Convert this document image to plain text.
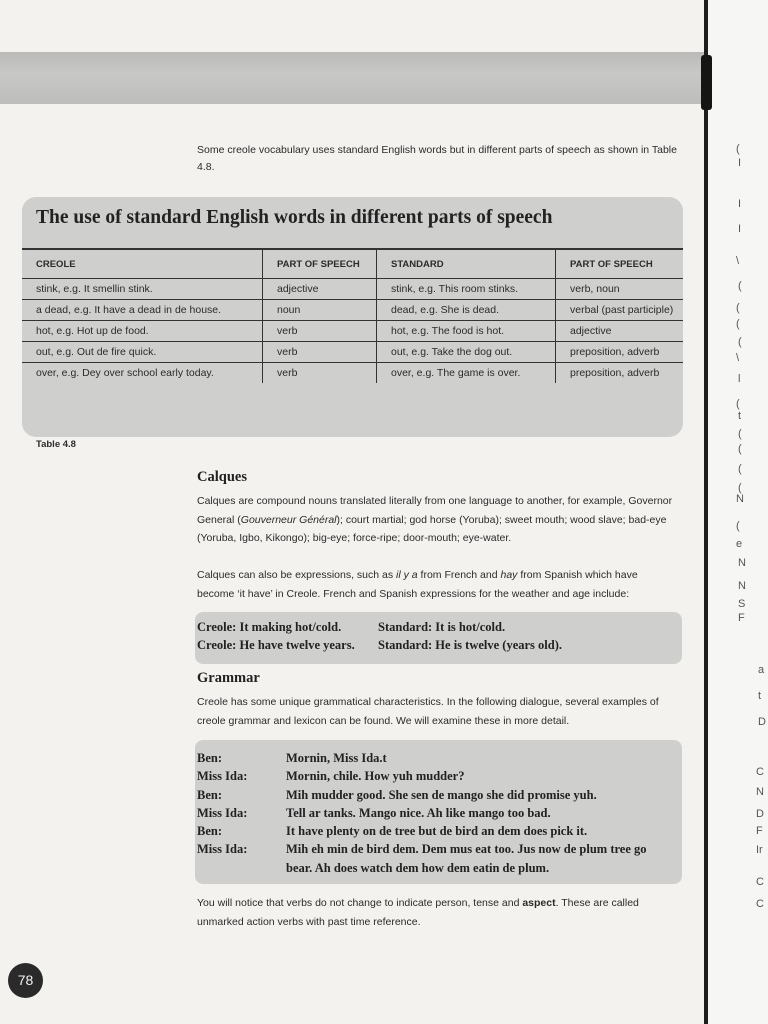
(
I
I
I
\
(
(
(
(
\
l
(
t
(
(
(
(
N
(
e
N
N
S
F
a
t
D
C
N
D
F
Ir
C
C
Some creole vocabulary uses standard English words but in different parts of speech as shown in Table 4.8.
The use of standard English words in different parts of speech
CREOLE	PART OF SPEECH	STANDARD	PART OF SPEECH
stink, e.g. It smellin stink.	adjective	stink, e.g. This room stinks.	verb, noun
a dead, e.g. It have a dead in de house.	noun	dead, e.g. She is dead.	verbal (past participle)
hot, e.g. Hot up de food.	verb	hot, e.g. The food is hot.	adjective
out, e.g. Out de fire quick.	verb	out, e.g. Take the dog out.	preposition, adverb
over, e.g. Dey over school early today.	verb	over, e.g. The game is over.	preposition, adverb
Table 4.8
Calques
Calques are compound nouns translated literally from one language to another, for example, Governor General (Gouverneur Général); court martial; god horse (Yoruba); sweet mouth; wood slave; bad-eye (Yoruba, Igbo, Kikongo); big-eye; force-ripe; door-mouth; eye-water.
Calques can also be expressions, such as il y a from French and hay from Spanish which have become ‘it have’ in Creole. French and Spanish expressions for the weather and age include:
Creole: It making hot/cold.	Standard: It is hot/cold.
Creole: He have twelve years. Standard: He is twelve (years old).
Grammar
Creole has some unique grammatical characteristics. In the following dialogue, several examples of creole grammar and lexicon can be found. We will examine these in more detail.
Ben:	Mornin, Miss Ida.t
Miss Ida:	Mornin, chile. How yuh mudder?
Ben:	Mih mudder good. She sen de mango she did promise yuh.
Miss Ida:	Tell ar tanks. Mango nice. Ah like mango too bad.
Ben:	It have plenty on de tree but de bird an dem does pick it.
Miss Ida:	Mih eh min de bird dem. Dem mus eat too. Jus now de plum tree go bear. Ah does watch dem how dem eatin de plum.
You will notice that verbs do not change to indicate person, tense and aspect. These are called unmarked action verbs with past time reference.
78
